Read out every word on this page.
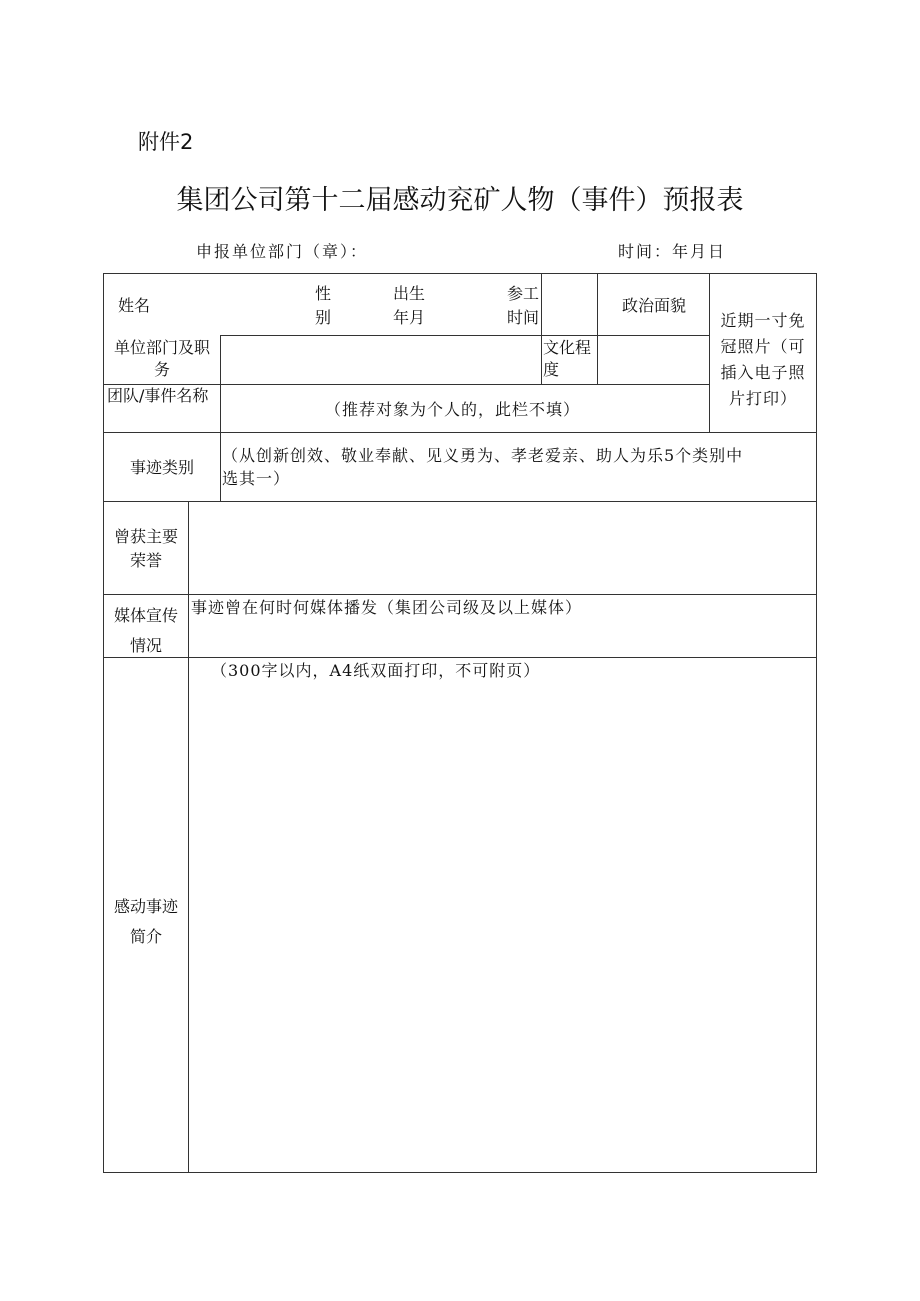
附件2
集团公司第十二届感动兖矿人物（事件）预报表
申报单位部门（章）：	时间：年月日
姓名
性
别
出生
年月
参工
时间
政治面貌
近期一寸免
冠照片（可
插入电子照
片打印）
单位部门及职
务
文化程
度
团队/事件名称
（推荐对象为个人的，此栏不填）
事迹类别
（从创新创效、敬业奉献、见义勇为、孝老爱亲、助人为乐5个类别中
选其一）
曾获主要
荣誉
媒体宣传
情况
事迹曾在何时何媒体播发（集团公司级及以上媒体）
感动事迹
简介
（300字以内，A4纸双面打印，不可附页）
